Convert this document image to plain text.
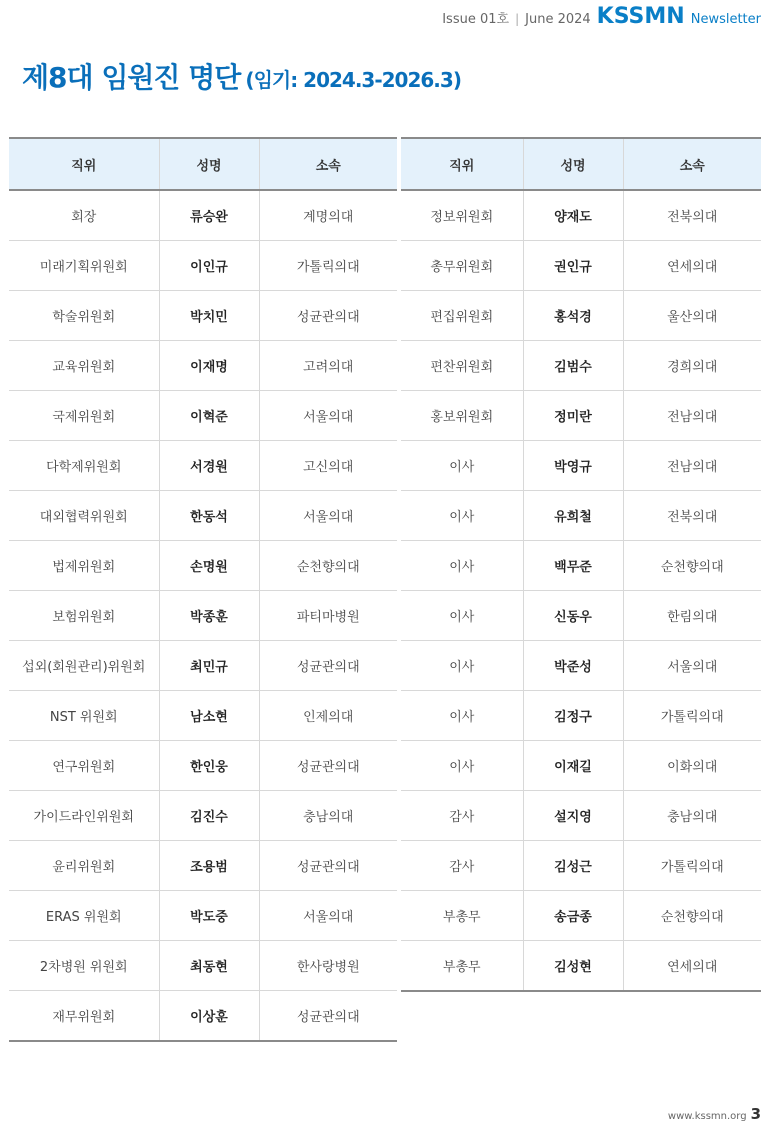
Issue 01호 | June 2024 KSSMN Newsletter
제8대 임원진 명단 (임기: 2024.3-2026.3)
직위	성명	소속
회장	류승완	계명의대
미래기획위원회	이인규	가톨릭의대
학술위원회	박치민	성균관의대
교육위원회	이재명	고려의대
국제위원회	이혁준	서울의대
다학제위원회	서경원	고신의대
대외협력위원회	한동석	서울의대
법제위원회	손명원	순천향의대
보험위원회	박종훈	파티마병원
섭외(회원관리)위원회	최민규	성균관의대
NST 위원회	남소현	인제의대
연구위원회	한인웅	성균관의대
가이드라인위원회	김진수	충남의대
윤리위원회	조용범	성균관의대
ERAS 위원회	박도중	서울의대
2차병원 위원회	최동현	한사랑병원
재무위원회	이상훈	성균관의대
직위	성명	소속
정보위원회	양재도	전북의대
총무위원회	권인규	연세의대
편집위원회	홍석경	울산의대
편찬위원회	김범수	경희의대
홍보위원회	정미란	전남의대
이사	박영규	전남의대
이사	유희철	전북의대
이사	백무준	순천향의대
이사	신동우	한림의대
이사	박준성	서울의대
이사	김정구	가톨릭의대
이사	이재길	이화의대
감사	설지영	충남의대
감사	김성근	가톨릭의대
부총무	송금종	순천향의대
부총무	김성현	연세의대
www.kssmn.org 3
